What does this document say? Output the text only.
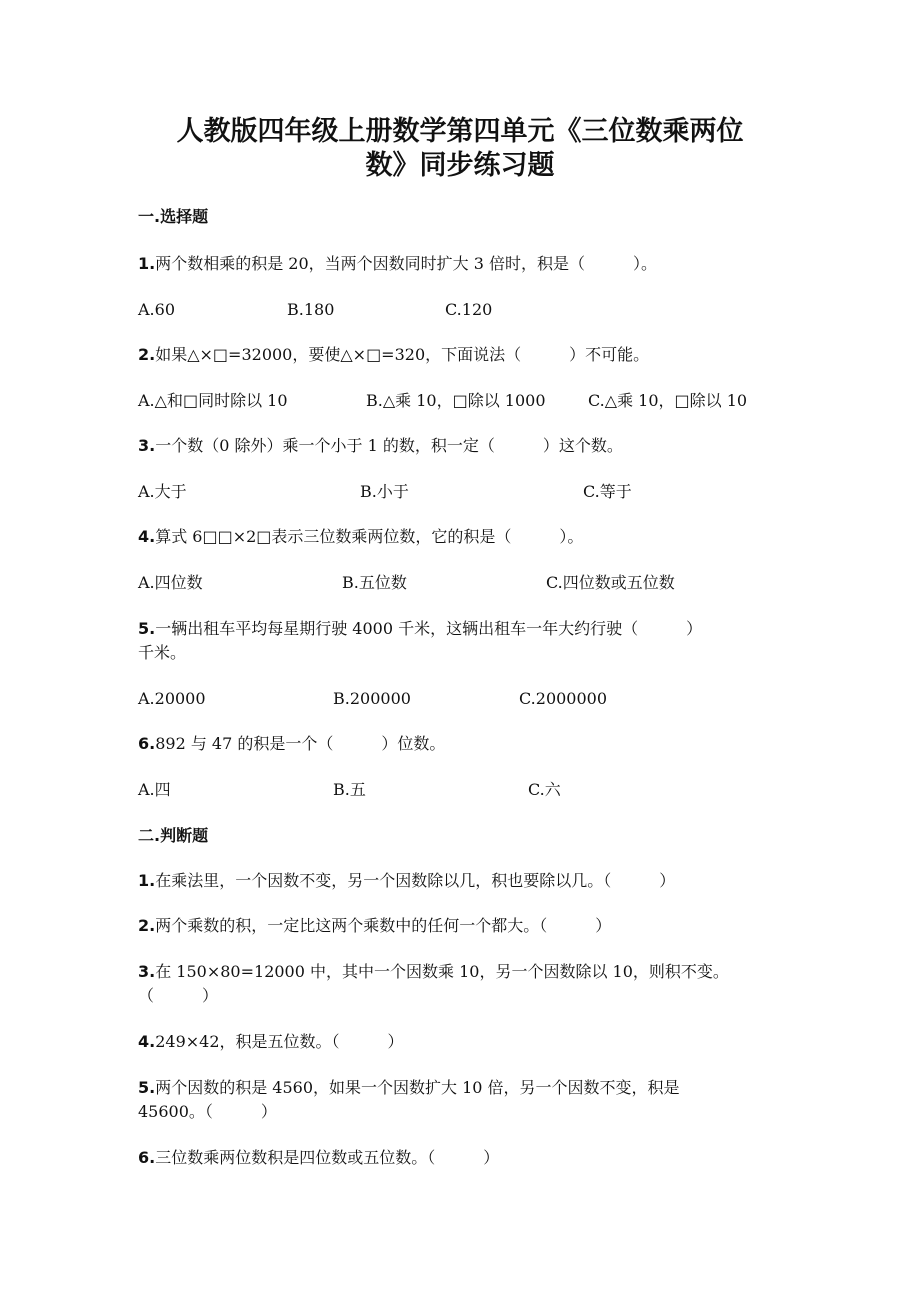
人教版四年级上册数学第四单元《三位数乘两位
数》同步练习题
一.选择题
1.两个数相乘的积是 20，当两个因数同时扩大 3 倍时，积是（　　　）。
A.60	B.180	C.120
2.如果△×□=32000，要使△×□=320，下面说法（　　　）不可能。
A.△和□同时除以 10	B.△乘 10，□除以 1000	C.△乘 10，□除以 10
3.一个数（0 除外）乘一个小于 1 的数，积一定（　　　）这个数。
A.大于	B.小于	C.等于
4.算式 6□□×2□表示三位数乘两位数，它的积是（　　　）。
A.四位数	B.五位数	C.四位数或五位数
5.一辆出租车平均每星期行驶 4000 千米，这辆出租车一年大约行驶（　　　）
千米。
A.20000	B.200000	C.2000000
6.892 与 47 的积是一个（　　　）位数。
A.四	B.五	C.六
二.判断题
1.在乘法里，一个因数不变，另一个因数除以几，积也要除以几。（　　　）
2.两个乘数的积，一定比这两个乘数中的任何一个都大。（　　　）
3.在 150×80=12000 中，其中一个因数乘 10，另一个因数除以 10，则积不变。
（　　　）
4.249×42，积是五位数。（　　　）
5.两个因数的积是 4560，如果一个因数扩大 10 倍，另一个因数不变，积是
45600。（　　　）
6.三位数乘两位数积是四位数或五位数。（　　　）
